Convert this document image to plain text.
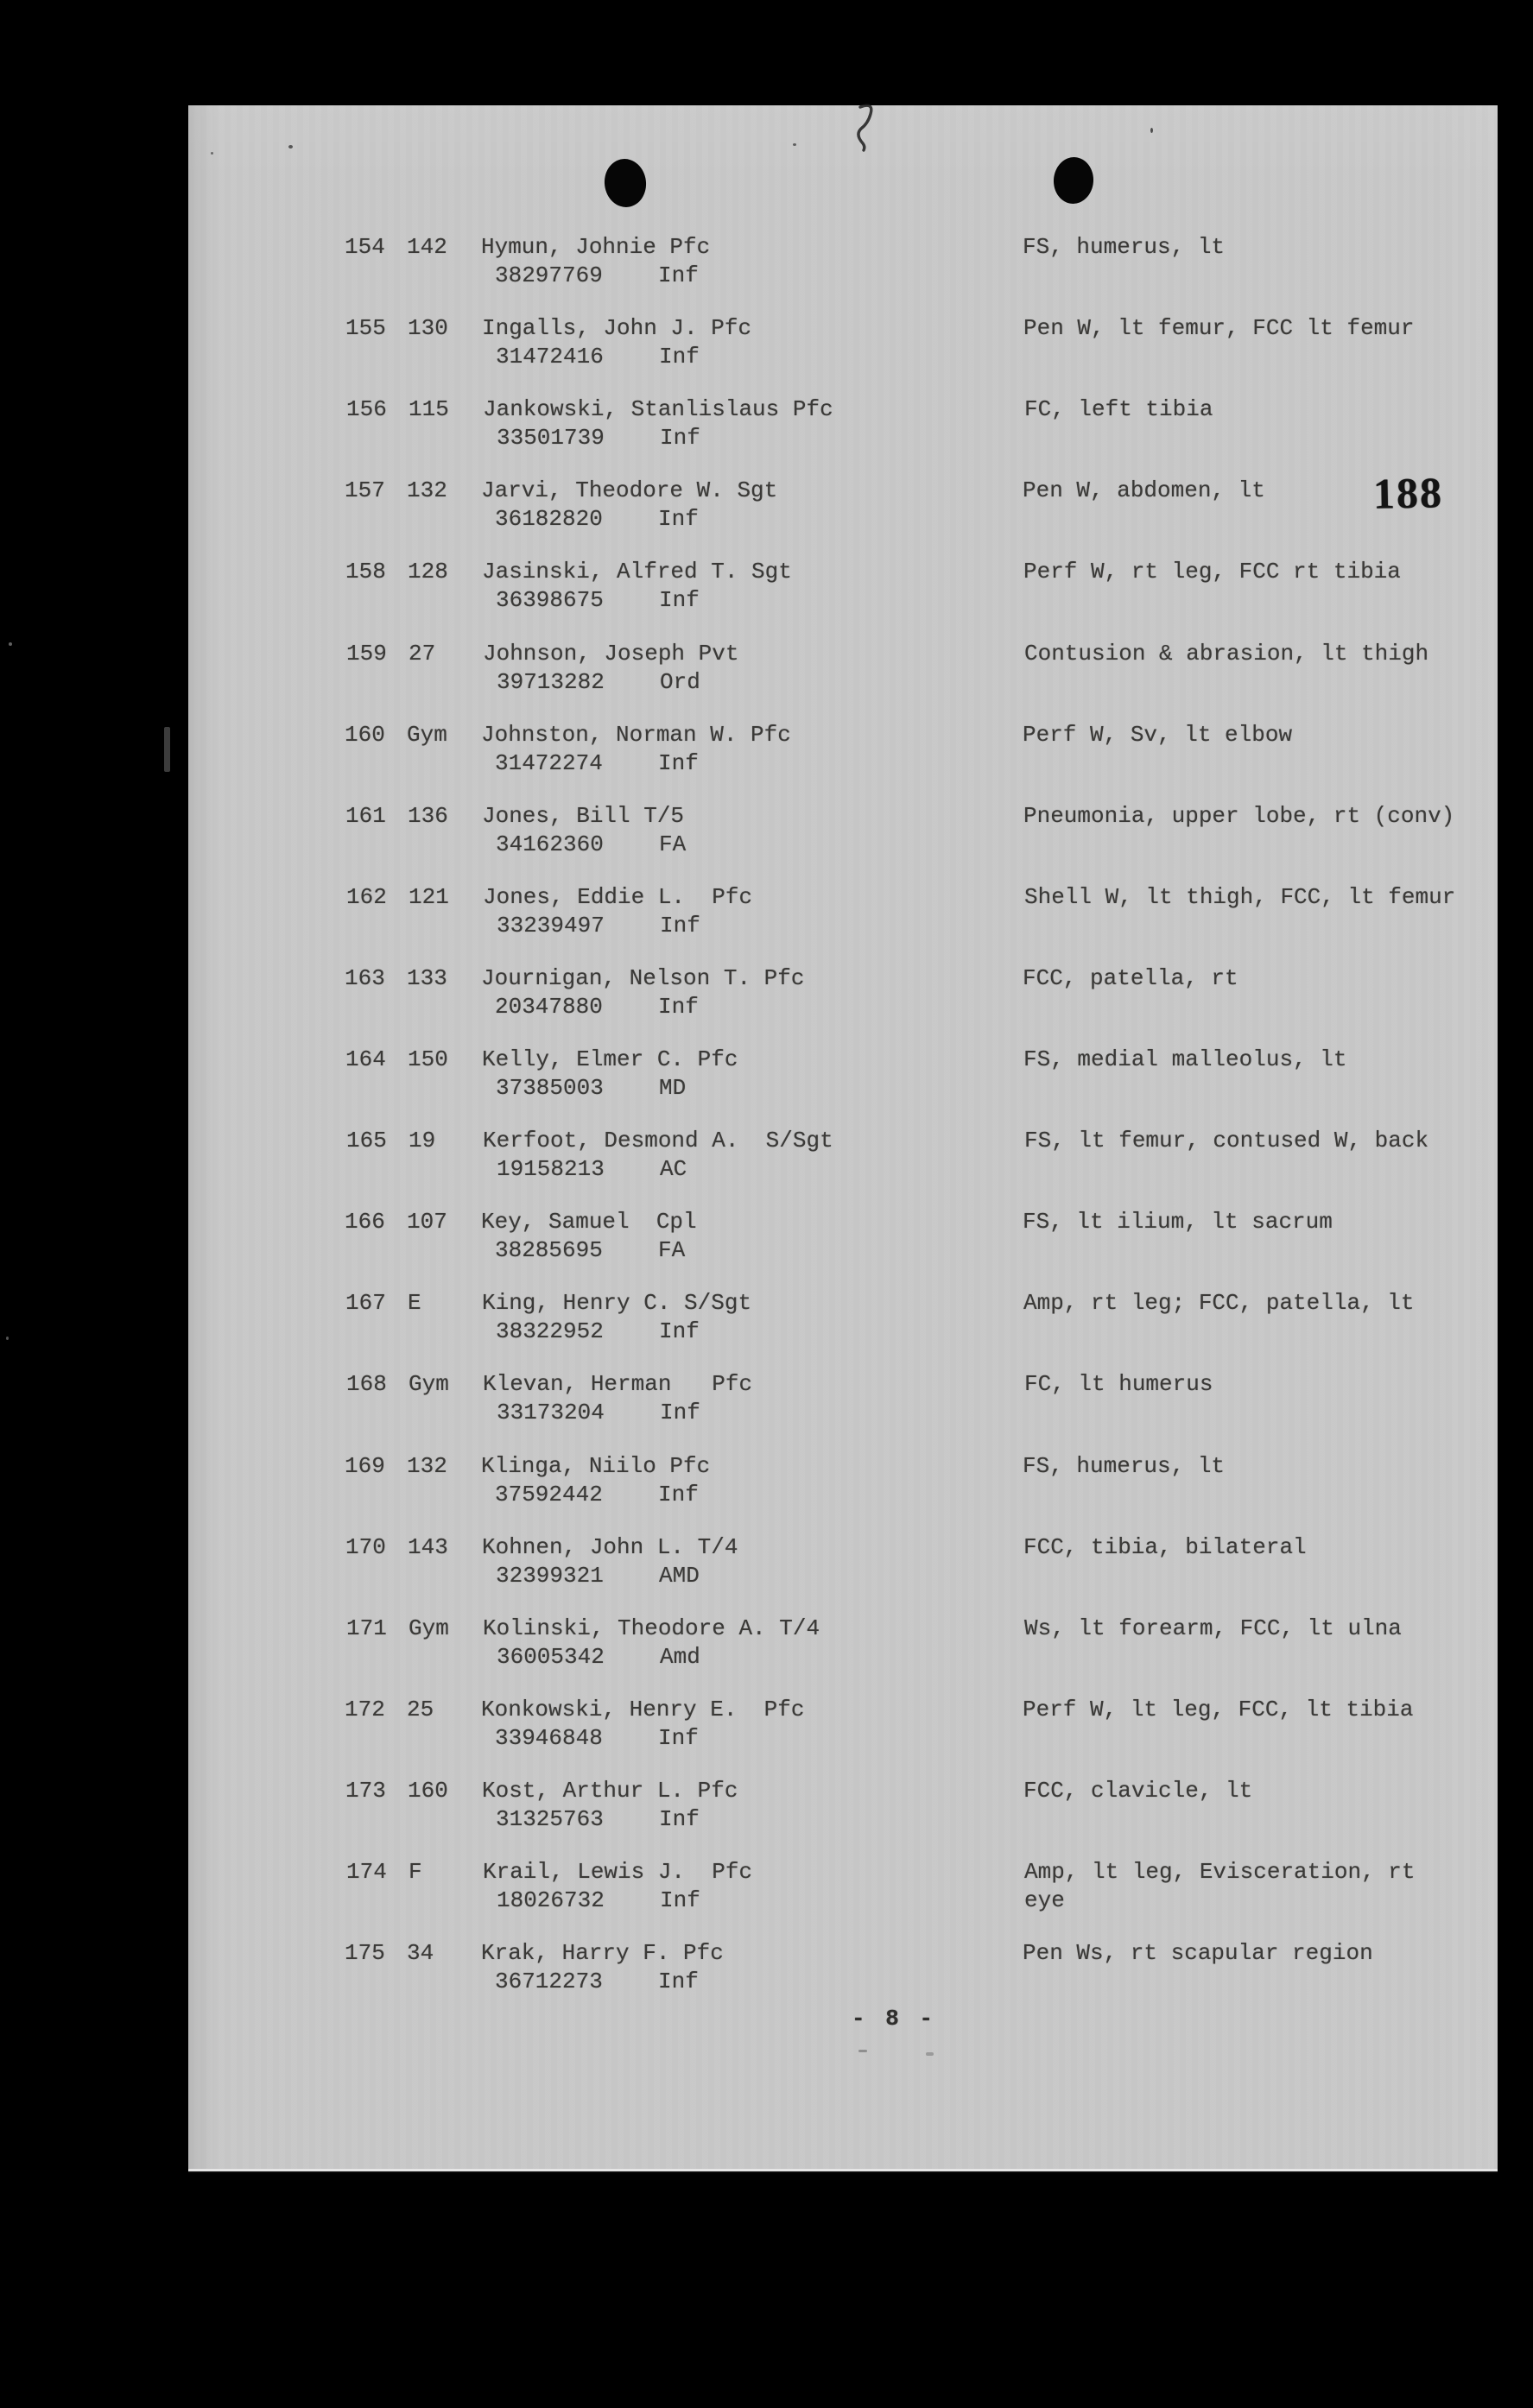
188
154 142 Hymun, Johnie Pfc
38297769 Inf
FS, humerus, lt
155 130 Ingalls, John J. Pfc
31472416 Inf
Pen W, lt femur, FCC lt femur
156 115 Jankowski, Stanlislaus Pfc
33501739 Inf
FC, left tibia
157 132 Jarvi, Theodore W. Sgt
36182820 Inf
Pen W, abdomen, lt
158 128 Jasinski, Alfred T. Sgt
36398675 Inf
Perf W, rt leg, FCC rt tibia
159 27 Johnson, Joseph Pvt
39713282 Ord
Contusion & abrasion, lt thigh
160 Gym Johnston, Norman W. Pfc
31472274 Inf
Perf W, Sv, lt elbow
161 136 Jones, Bill T/5
34162360 FA
Pneumonia, upper lobe, rt (conv)
162 121 Jones, Eddie L.  Pfc
33239497 Inf
Shell W, lt thigh, FCC, lt femur
163 133 Journigan, Nelson T. Pfc
20347880 Inf
FCC, patella, rt
164 150 Kelly, Elmer C. Pfc
37385003 MD
FS, medial malleolus, lt
165 19 Kerfoot, Desmond A.  S/Sgt
19158213 AC
FS, lt femur, contused W, back
166 107 Key, Samuel  Cpl
38285695 FA
FS, lt ilium, lt sacrum
167 E	King, Henry C. S/Sgt
38322952 Inf
Amp, rt leg; FCC, patella, lt
168 Gym Klevan, Herman   Pfc
33173204 Inf
FC, lt humerus
169 132 Klinga, Niilo Pfc
37592442 Inf
FS, humerus, lt
170 143 Kohnen, John L. T/4
32399321 AMD
FCC, tibia, bilateral
171 Gym Kolinski, Theodore A. T/4
36005342 Amd
Ws, lt forearm, FCC, lt ulna
172 25 Konkowski, Henry E.  Pfc
33946848 Inf
Perf W, lt leg, FCC, lt tibia
173 160 Kost, Arthur L. Pfc
31325763 Inf
FCC, clavicle, lt
174 F	Krail, Lewis J.  Pfc
18026732 Inf
Amp, lt leg, Evisceration, rt eye
175 34 Krak, Harry F. Pfc
36712273 Inf
Pen Ws, rt scapular region
- 8 -
